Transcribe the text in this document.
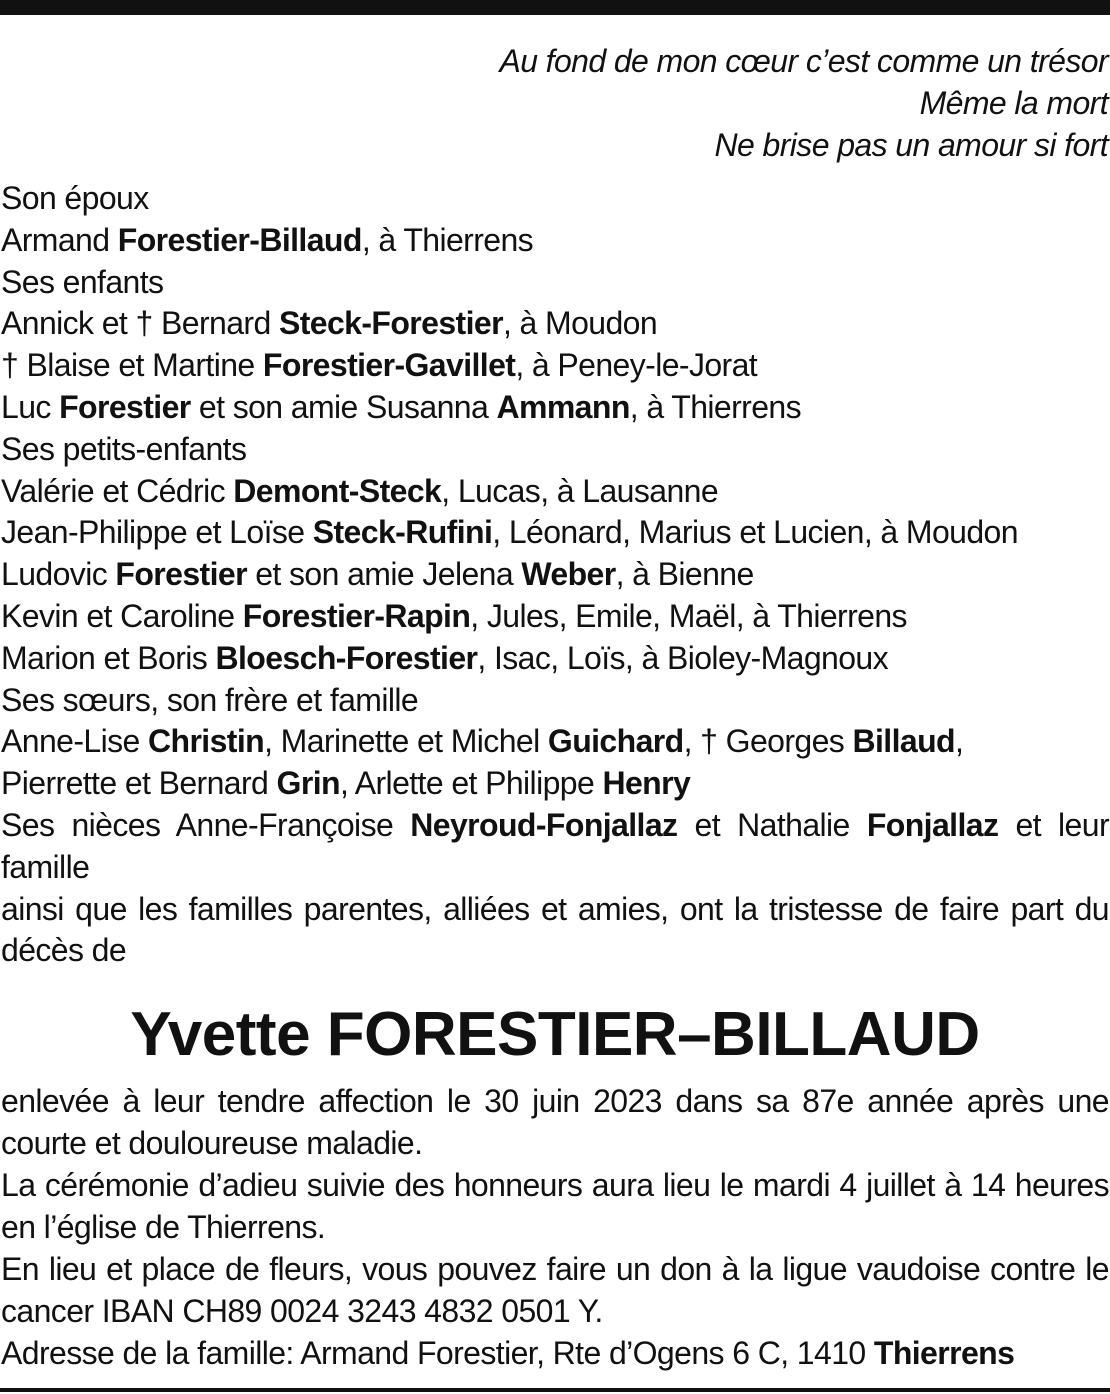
Au fond de mon cœur c’est comme un trésor
Même la mort
Ne brise pas un amour si fort
Son époux
Armand Forestier-Billaud, à Thierrens
Ses enfants
Annick et † Bernard Steck-Forestier, à Moudon
† Blaise et Martine Forestier-Gavillet, à Peney-le-Jorat
Luc Forestier et son amie Susanna Ammann, à Thierrens
Ses petits-enfants
Valérie et Cédric Demont-Steck, Lucas, à Lausanne
Jean-Philippe et Loïse Steck-Rufini, Léonard, Marius et Lucien, à Moudon
Ludovic Forestier et son amie Jelena Weber, à Bienne
Kevin et Caroline Forestier-Rapin, Jules, Emile, Maël, à Thierrens
Marion et Boris Bloesch-Forestier, Isac, Loïs, à Bioley-Magnoux
Ses sœurs, son frère et famille
Anne-Lise Christin, Marinette et Michel Guichard, † Georges Billaud,
Pierrette et Bernard Grin, Arlette et Philippe Henry
Ses nièces Anne-Françoise Neyroud-Fonjallaz et Nathalie Fonjallaz et leur famille
ainsi que les familles parentes, alliées et amies, ont la tristesse de faire part du décès de
Yvette FORESTIER–BILLAUD
enlevée à leur tendre affection le 30 juin 2023 dans sa 87e année après une courte et douloureuse maladie.
La cérémonie d’adieu suivie des honneurs aura lieu le mardi 4 juillet à 14 heures en l’église de Thierrens.
En lieu et place de fleurs, vous pouvez faire un don à la ligue vaudoise contre le cancer IBAN CH89 0024 3243 4832 0501 Y.
Adresse de la famille: Armand Forestier, Rte d’Ogens 6 C, 1410 Thierrens
